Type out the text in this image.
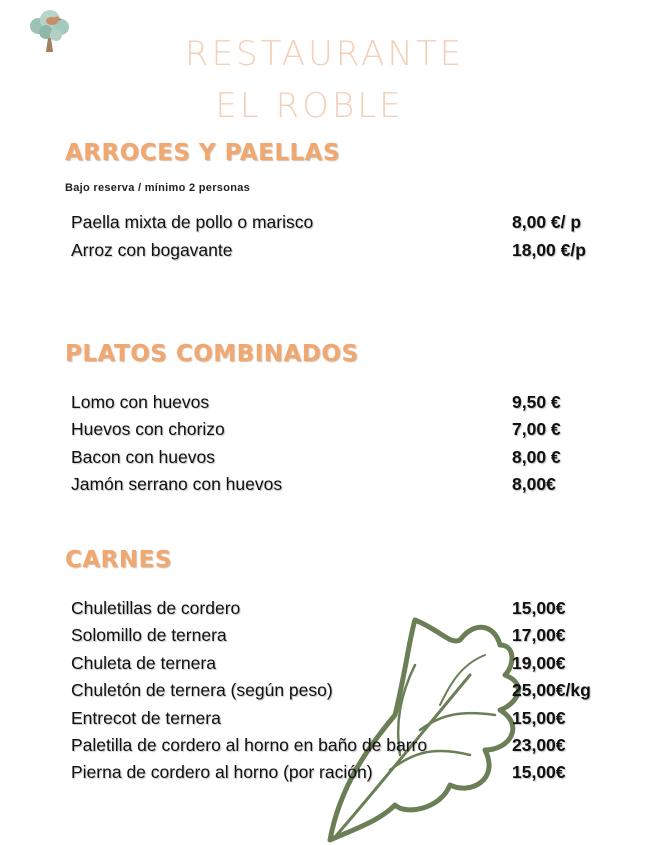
RESTAURANTE
EL ROBLE
ARROCES Y PAELLAS
Bajo reserva / mínimo 2 personas
Paella mixta de pollo o marisco	8,00 €/ p
Arroz con bogavante	18,00 €/p
PLATOS COMBINADOS
Lomo con huevos	9,50 €
Huevos con chorizo	7,00 €
Bacon con huevos	8,00 €
Jamón serrano con huevos	8,00€
CARNES
Chuletillas de cordero	15,00€
Solomillo de ternera	17,00€
Chuleta de ternera	19,00€
Chuletón de ternera (según peso)	25,00€/kg
Entrecot de ternera	15,00€
Paletilla de cordero al horno en baño de barro	23,00€
Pierna de cordero al horno (por ración)	15,00€
